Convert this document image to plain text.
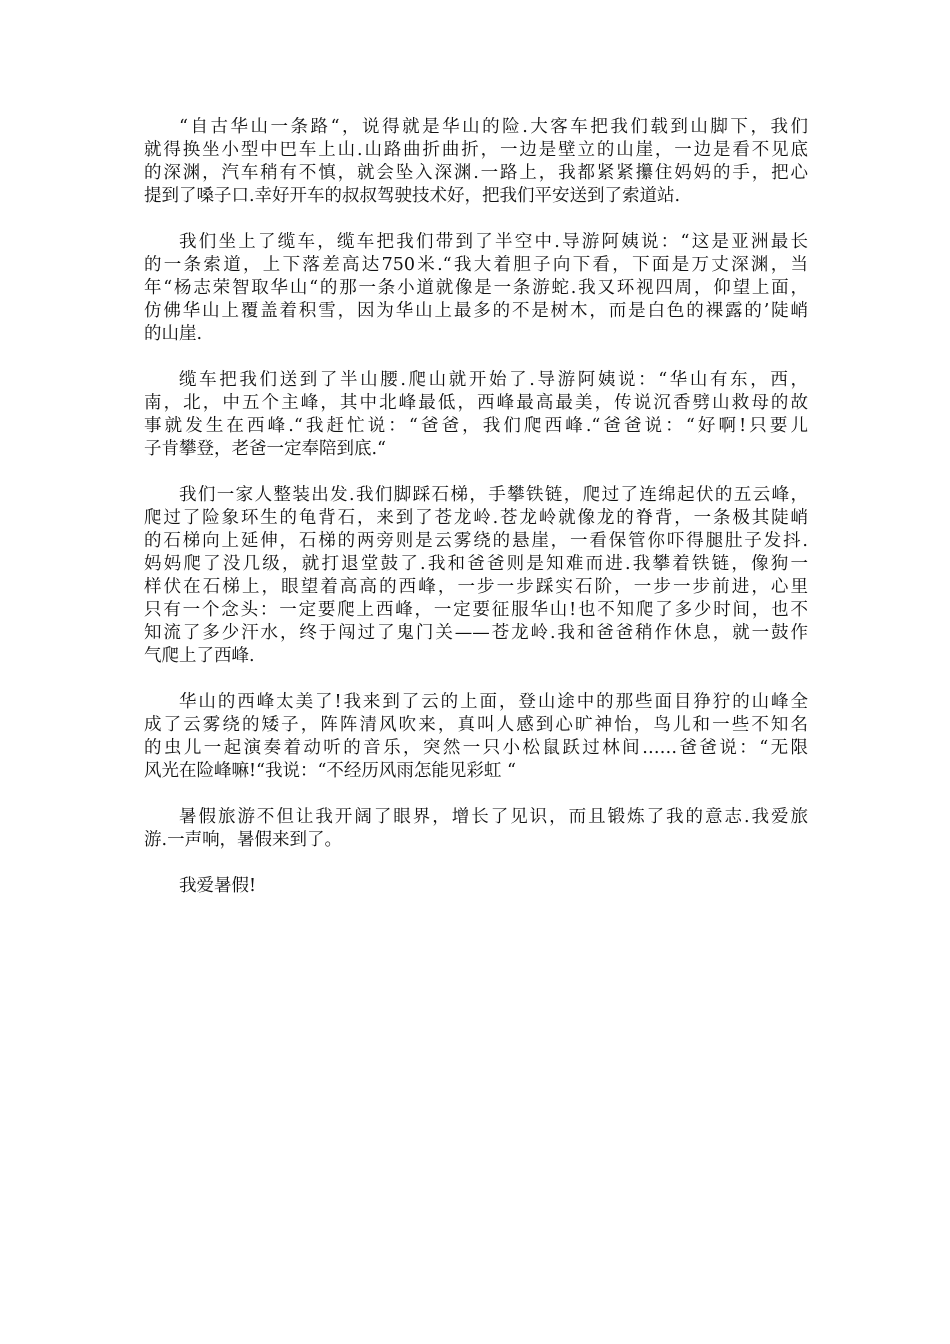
“自古华山一条路“，说得就是华山的险.大客车把我们载到山脚下，我们
就得换坐小型中巴车上山.山路曲折曲折，一边是壁立的山崖，一边是看不见底
的深渊，汽车稍有不慎，就会坠入深渊.一路上，我都紧紧攥住妈妈的手，把心
提到了嗓子口.幸好开车的叔叔驾驶技术好，把我们平安送到了索道站.
我们坐上了缆车，缆车把我们带到了半空中.导游阿姨说：“这是亚洲最长
的一条索道，上下落差高达750米.“我大着胆子向下看，下面是万丈深渊，当
年“杨志荣智取华山“的那一条小道就像是一条游蛇.我又环视四周，仰望上面，
仿佛华山上覆盖着积雪，因为华山上最多的不是树木，而是白色的裸露的’陡峭
的山崖.
缆车把我们送到了半山腰.爬山就开始了.导游阿姨说：“华山有东，西，
南，北，中五个主峰，其中北峰最低，西峰最高最美，传说沉香劈山救母的故
事就发生在西峰.“我赶忙说：“爸爸，我们爬西峰.“爸爸说：“好啊!只要儿
子肯攀登，老爸一定奉陪到底.“
我们一家人整装出发.我们脚踩石梯，手攀铁链，爬过了连绵起伏的五云峰，
爬过了险象环生的龟背石，来到了苍龙岭.苍龙岭就像龙的脊背，一条极其陡峭
的石梯向上延伸，石梯的两旁则是云雾绕的悬崖，一看保管你吓得腿肚子发抖.
妈妈爬了没几级，就打退堂鼓了.我和爸爸则是知难而进.我攀着铁链，像狗一
样伏在石梯上，眼望着高高的西峰，一步一步踩实石阶，一步一步前进，心里
只有一个念头：一定要爬上西峰，一定要征服华山!也不知爬了多少时间，也不
知流了多少汗水，终于闯过了鬼门关——苍龙岭.我和爸爸稍作休息，就一鼓作
气爬上了西峰.
华山的西峰太美了!我来到了云的上面，登山途中的那些面目狰狞的山峰全
成了云雾绕的矮子，阵阵清风吹来，真叫人感到心旷神怡，鸟儿和一些不知名
的虫儿一起演奏着动听的音乐，突然一只小松鼠跃过林间……爸爸说：“无限
风光在险峰嘛!“我说：“不经历风雨怎能见彩虹 “
暑假旅游不但让我开阔了眼界，增长了见识，而且锻炼了我的意志.我爱旅
游.一声响，暑假来到了。
我爱暑假!
